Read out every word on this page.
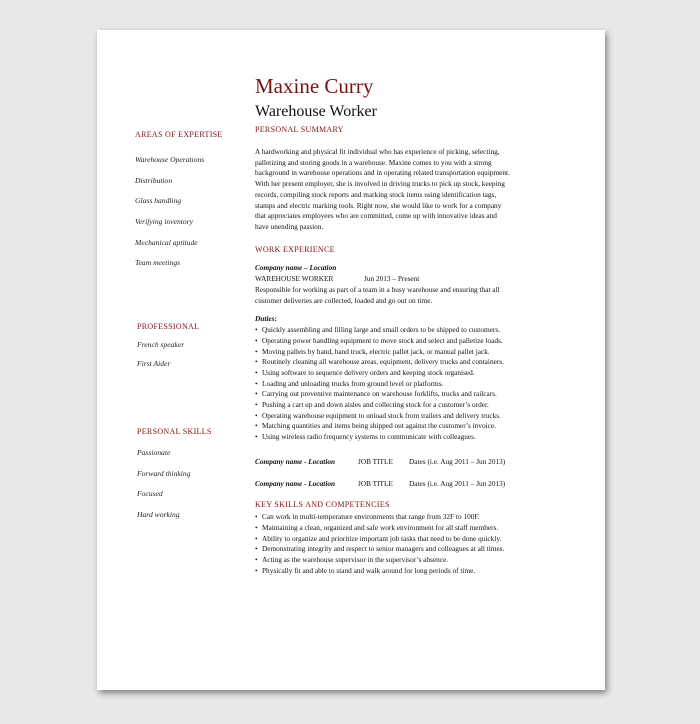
Maxine Curry
Warehouse Worker
AREAS OF EXPERTISE
Warehouse Operations
Distribution
Glass handling
Verifying inventory
Mechanical aptitude
Team meetings
PROFESSIONAL
French speaker
First Aider
PERSONAL SKILLS
Passionate
Forward thinking
Focused
Hard working
PERSONAL SUMMARY
A hardworking and physical fit individual who has experience of picking, selecting,
palletizing and storing goods in a warehouse. Maxine comes to you with a strong
background in warehouse operations and in operating related transportation equipment.
With her present employer, she is involved in driving trucks to pick up stock, keeping
records, compiling stock reports and marking stock items using identification tags,
stamps and electric marking tools. Right now, she would like to work for a company
that appreciates employees who are committed, come up with innovative ideas and
have unending passion.
WORK EXPERIENCE
Company name – Location
WAREHOUSE WORKER	Jun 2013 – Present
Responsible for working as part of a team in a busy warehouse and ensuring that all
customer deliveries are collected, loaded and go out on time.
Duties:
• Quickly assembling and filling large and small orders to be shipped to customers.
• Operating power handling equipment to move stock and select and palletize loads.
• Moving pallets by hand, hand truck, electric pallet jack, or manual pallet jack.
• Routinely cleaning all warehouse areas, equipment, delivery trucks and containers.
• Using software to sequence delivery orders and keeping stock organised.
• Loading and unloading trucks from ground level or platforms.
• Carrying out preventive maintenance on warehouse forklifts, trucks and railcars.
• Pushing a cart up and down aisles and collecting stock for a customer’s order.
• Operating warehouse equipment to unload stock from trailers and delivery trucks.
• Matching quantities and items being shipped out against the customer’s invoice.
• Using wireless radio frequency systems to communicate with colleagues.
Company name - Location	JOB TITLE Dates (i.e. Aug 2011 – Jun 2013)
Company name - Location	JOB TITLE Dates (i.e. Aug 2011 – Jun 2013)
KEY SKILLS AND COMPETENCIES
• Can work in multi-temperature environments that range from 32F to 100F.
• Maintaining a clean, organized and safe work environment for all staff members.
• Ability to organize and prioritize important job tasks that need to be done quickly.
• Demonstrating integrity and respect to senior managers and colleagues at all times.
• Acting as the warehouse supervisor in the supervisor’s absence.
• Physically fit and able to stand and walk around for long periods of time.
